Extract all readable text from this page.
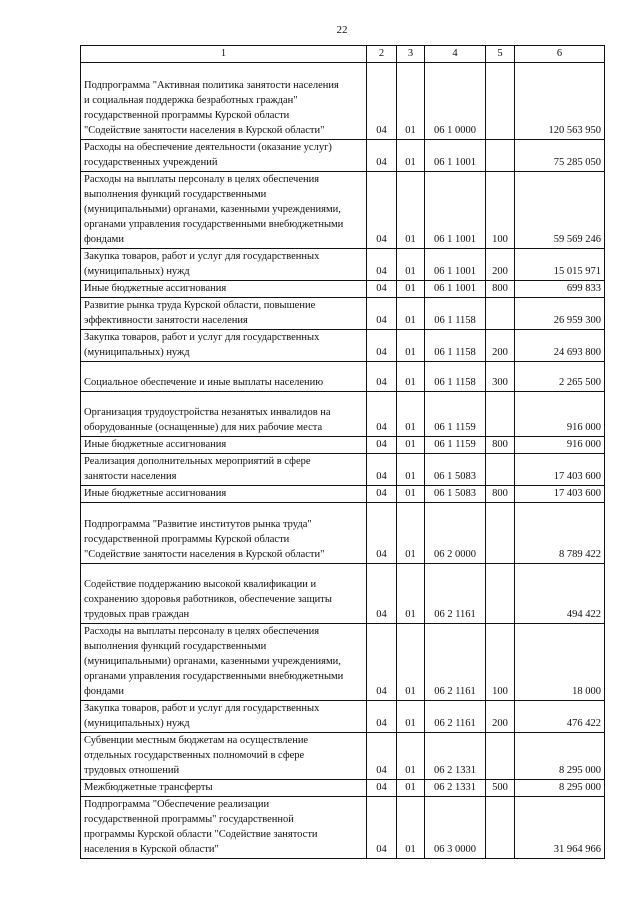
22
1	2	3	4	5	6
Подпрограмма "Активная политика занятости населения
и социальная поддержка безработных граждан"
государственной программы Курской области
"Содействие занятости населения в Курской области"	04	01	06 1 0000		120 563 950
Расходы на обеспечение деятельности (оказание услуг)
государственных учреждений	04	01	06 1 1001		75 285 050
Расходы на выплаты персоналу в целях обеспечения
выполнения функций государственными
(муниципальными) органами, казенными учреждениями,
органами управления государственными внебюджетными
фондами	04	01	06 1 1001	100	59 569 246
Закупка товаров, работ и услуг для государственных
(муниципальных) нужд	04	01	06 1 1001	200	15 015 971
Иные бюджетные ассигнования	04	01	06 1 1001	800	699 833
Развитие рынка труда Курской области, повышение
эффективности занятости населения	04	01	06 1 1158		26 959 300
Закупка товаров, работ и услуг для государственных
(муниципальных) нужд	04	01	06 1 1158	200	24 693 800
Социальное обеспечение и иные выплаты населению	04	01	06 1 1158	300	2 265 500
Организация трудоустройства незанятых инвалидов на
оборудованные (оснащенные) для них рабочие места	04	01	06 1 1159		916 000
Иные бюджетные ассигнования	04	01	06 1 1159	800	916 000
Реализация дополнительных мероприятий в сфере
занятости населения	04	01	06 1 5083		17 403 600
Иные бюджетные ассигнования	04	01	06 1 5083	800	17 403 600
Подпрограмма "Развитие институтов рынка труда"
государственной программы Курской области
"Содействие занятости населения в Курской области"	04	01	06 2 0000		8 789 422
Содействие поддержанию высокой квалификации и
сохранению здоровья работников, обеспечение защиты
трудовых прав граждан	04	01	06 2 1161		494 422
Расходы на выплаты персоналу в целях обеспечения
выполнения функций государственными
(муниципальными) органами, казенными учреждениями,
органами управления государственными внебюджетными
фондами	04	01	06 2 1161	100	18 000
Закупка товаров, работ и услуг для государственных
(муниципальных) нужд	04	01	06 2 1161	200	476 422
Субвенции местным бюджетам на осуществление
отдельных государственных полномочий в сфере
трудовых отношений	04	01	06 2 1331		8 295 000
Межбюджетные трансферты	04	01	06 2 1331	500	8 295 000
Подпрограмма "Обеспечение реализации
государственной программы" государственной
программы Курской области "Содействие занятости
населения в Курской области"	04	01	06 3 0000		31 964 966
